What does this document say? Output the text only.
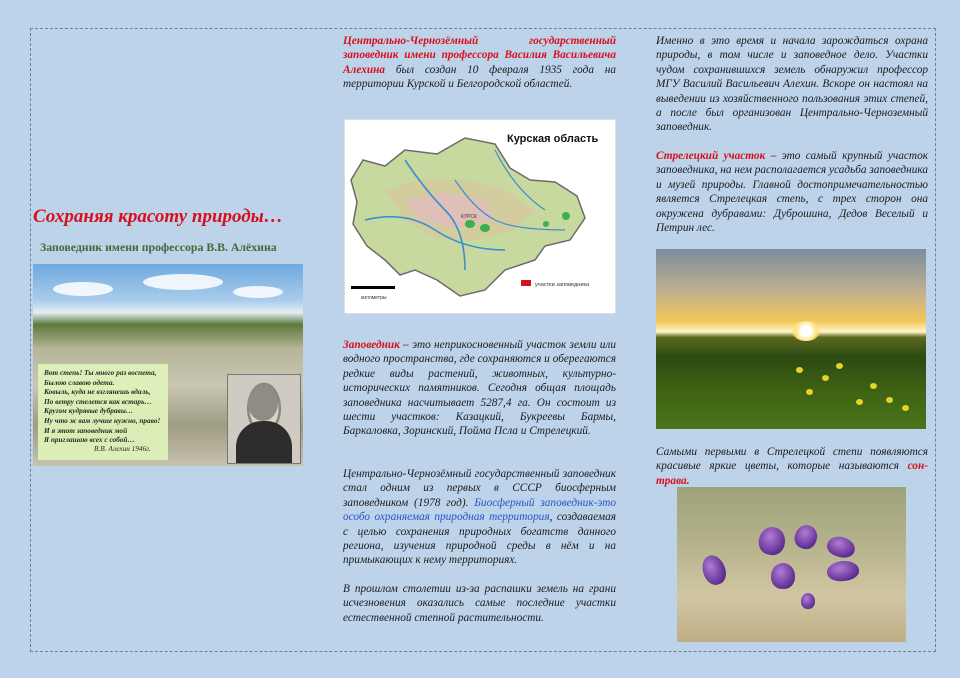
Сохраняя красоту природы…
Заповедник имени профессора В.В. Алёхина
Вот степь! Ты много раз воспета,
Былою славою одета.
Ковыль, куда не взглянешь вдаль,
По ветру стелется как встарь…
Кругом кудрявые дубравы…
Ну что ж вам лучше нужно, право!
И я этот заповедник мой
Я приглашаю всех с собой…
В.В. Алехин 1946г.

Центрально-Чернозёмный государственный заповедник имени профессора Василия Васильевича Алехина был создан 10 февраля 1935 года на территории Курской и Белгородской областей.

Курская область
КУРСК
километры
участки заповедника

Заповедник – это неприкосновенный участок земли или водного пространства, где сохраняются и оберегаются редкие виды растений, животных, культурно-исторических памятников. Сегодня общая площадь заповедника насчитывает 5287,4 га. Он состоит из шести участков: Казацкий, Букреевы Бармы, Баркаловка, Зоринский, Пойма Псла и Стрелецкий.

Центрально-Чернозёмный государственный заповедник стал одним из первых в СССР биосферным заповедником (1978 год). Биосферный заповедник-это особо охраняемая природная территория, создаваемая с целью сохранения природных богатств данного региона, изучения природной среды в нём и на примыкающих к нему территориях.

В прошлом столетии из-за распашки земель на грани исчезновения оказались самые последние участки естественной степной растительности.

Именно в это время и начала зарождаться охрана природы, в том числе и заповедное дело. Участки чудом сохранившихся земель обнаружил профессор МГУ Василий Васильевич Алехин. Вскоре он настоял на выведении из хозяйственного пользования этих степей, а после был организован Центрально-Черноземный заповедник.

Стрелецкий участок – это самый крупный участок заповедника, на нем располагается усадьба заповедника и музей природы. Главной достопримечательностью является Стрелецкая степь, с трех сторон она окружена дубравами: Дуброшина, Дедов Веселый и Петрин лес.

Самыми первыми в Стрелецкой степи появляются красивые яркие цветы, которые называются сон-трава.
